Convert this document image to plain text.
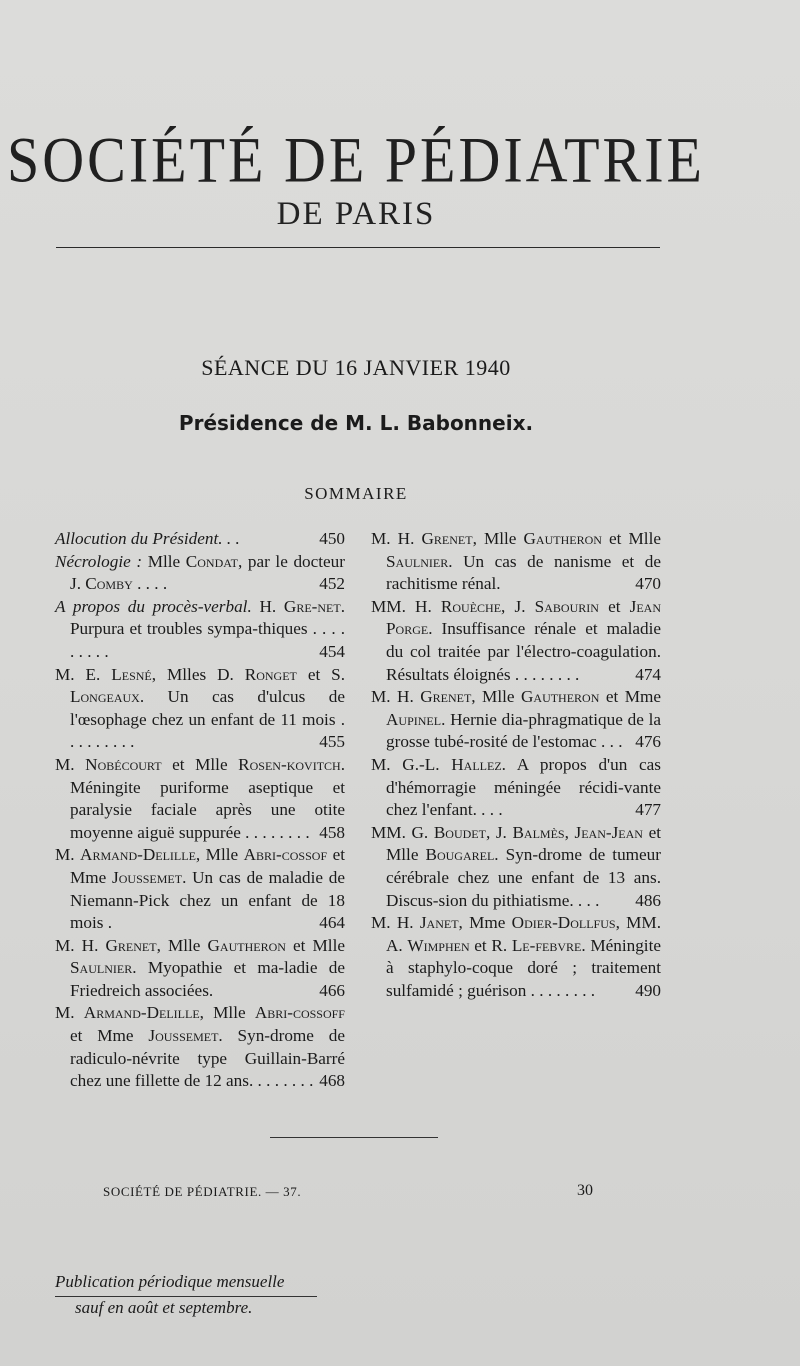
SOCIÉTÉ DE PÉDIATRIE
DE PARIS
SÉANCE DU 16 JANVIER 1940
Présidence de M. L. Babonneix.
SOMMAIRE

Allocution du Président. . .	450

Nécrologie : Mlle Condat, par le docteur J. Comby . . . .	452

A propos du procès-verbal. H. Gre-net. Purpura et troubles sympa-thiques . . . . . . . . .	454

M. E. Lesné, Mlles D. Ronget et S. Longeaux. Un cas d'ulcus de l'œsophage chez un enfant de 11 mois . . . . . . . . .	455

M. Nobécourt et Mlle Rosen-kovitch. Méningite puriforme aseptique et paralysie faciale après une otite moyenne aiguë suppurée . . . . . . . . 458

M. Armand-Delille, Mlle Abri-cossof et Mme Joussemet. Un cas de maladie de Niemann-Pick chez un enfant de 18 mois .	464

M. H. Grenet, Mlle Gautheron et Mlle Saulnier. Myopathie et ma-ladie de Friedreich associées.	466

M. Armand-Delille, Mlle Abri-cossoff et Mme Joussemet. Syn-drome de radiculo-névrite type Guillain-Barré chez une fillette de 12 ans. . . . . . . . 468

M. H. Grenet, Mlle Gautheron et Mlle Saulnier. Un cas de nanisme et de rachitisme rénal.	470

MM. H. Rouèche, J. Sabourin et Jean Porge. Insuffisance rénale et maladie du col traitée par l'électro-coagulation. Résultats éloignés . . . . . . . .	474

M. H. Grenet, Mlle Gautheron et Mme Aupinel. Hernie dia-phragmatique de la grosse tubé-rosité de l'estomac . . . 476

M. G.-L. Hallez. A propos d'un cas d'hémorragie méningée récidi-vante chez l'enfant. . . .	477

MM. G. Boudet, J. Balmès, Jean-Jean et Mlle Bougarel. Syn-drome de tumeur cérébrale chez une enfant de 13 ans. Discus-sion du pithiatisme. . . . 486

M. H. Janet, Mme Odier-Dollfus, MM. A. Wimphen et R. Le-febvre. Méningite à staphylo-coque doré ; traitement sulfamidé ; guérison . . . . . . . . 490

SOCIÉTÉ DE PÉDIATRIE. — 37.	30
Publication périodique mensuelle
sauf en août et septembre.
